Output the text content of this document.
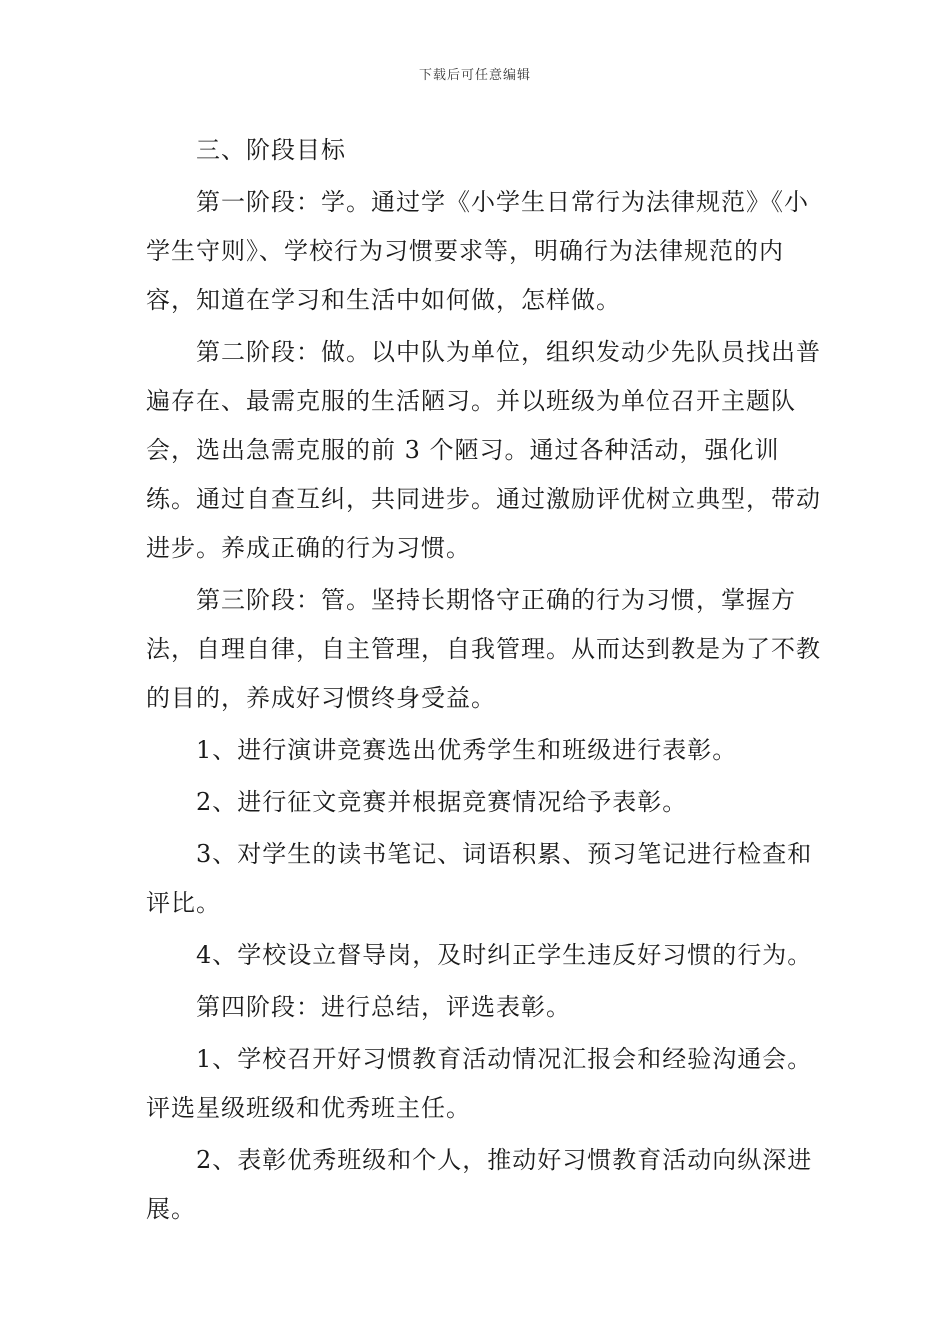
下载后可任意编辑

三、阶段目标

第一阶段：学。通过学《小学生日常行为法律规范》《小学生守则》、学校行为习惯要求等，明确行为法律规范的内容，知道在学习和生活中如何做，怎样做。

第二阶段：做。以中队为单位，组织发动少先队员找出普遍存在、最需克服的生活陋习。并以班级为单位召开主题队会，选出急需克服的前 3 个陋习。通过各种活动，强化训练。通过自查互纠，共同进步。通过激励评优树立典型，带动进步。养成正确的行为习惯。

第三阶段：管。坚持长期恪守正确的行为习惯，掌握方法，自理自律，自主管理，自我管理。从而达到教是为了不教的目的，养成好习惯终身受益。

1、进行演讲竞赛选出优秀学生和班级进行表彰。

2、进行征文竞赛并根据竞赛情况给予表彰。

3、对学生的读书笔记、词语积累、预习笔记进行检查和评比。

4、学校设立督导岗，及时纠正学生违反好习惯的行为。

第四阶段：进行总结，评选表彰。

1、学校召开好习惯教育活动情况汇报会和经验沟通会。评选星级班级和优秀班主任。

2、表彰优秀班级和个人，推动好习惯教育活动向纵深进展。
